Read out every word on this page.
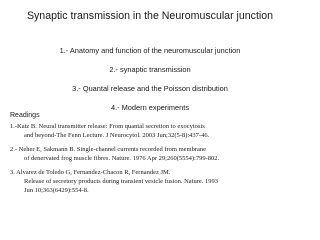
Synaptic transmission in the Neuromuscular junction
1.- Anatomy and function of the neuromuscular junction
2.- synaptic transmission
3.- Quantal release and the Poisson distribution
4.- Modern experiments
Readings
1.-Katz B. Neural transmitter release: From quantal secretion to exocytosis
and beyond-The Fenn Lecture. J Neurocytol. 2003 Jun;32(5-8):437-46.
2.- Neher E, Sakmann B. Single-channel currents recorded from membrane
of denervated frog muscle fibres. Nature. 1976 Apr 29;260(5554):799-802.
3. Alvarez de Toledo G, Fernandez-Chacon R, Fernandez JM.
Release of secretory products during transient vesicle fusion. Nature. 1993
Jun 10;363(6429):554-8.
